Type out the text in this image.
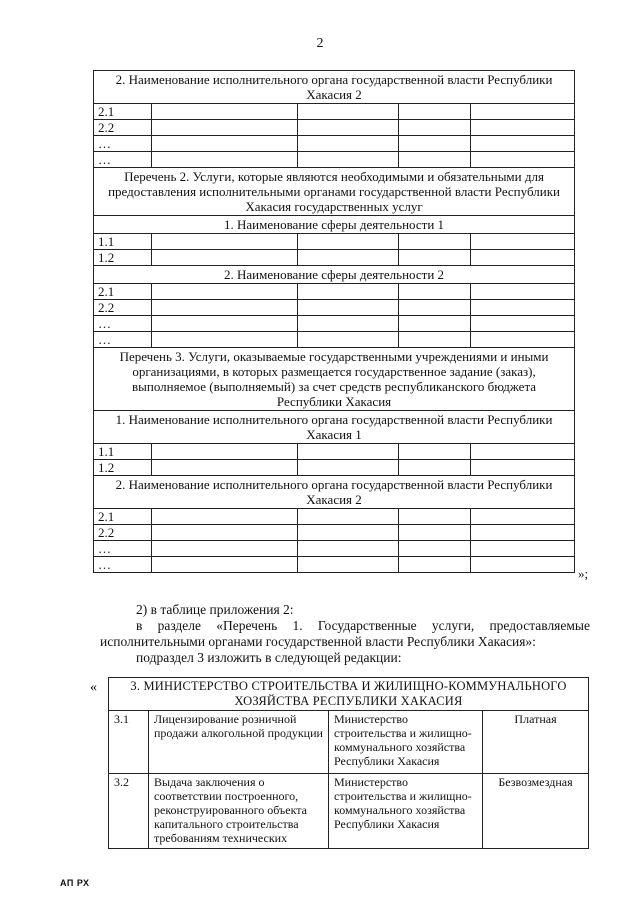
2
2. Наименование исполнительного органа государственной власти Республики Хакасия 2				
2.1				
2.2				
…				
…				
Перечень 2. Услуги, которые являются необходимыми и обязательными для предоставления исполнительными органами государственной власти Республики Хакасия государственных услуг				
1. Наименование сферы деятельности 1				
1.1				
1.2				
2. Наименование сферы деятельности 2				
2.1				
2.2				
…				
…				
Перечень 3. Услуги, оказываемые государственными учреждениями и иными организациями, в которых размещается государственное задание (заказ), выполняемое (выполняемый) за счет средств республиканского бюджета Республики Хакасия				
1. Наименование исполнительного органа государственной власти Республики Хакасия 1				
1.1				
1.2				
2. Наименование исполнительного органа государственной власти Республики Хакасия 2				
2.1				
2.2				
…				
…				
»;
2) в таблице приложения 2:
в разделе «Перечень 1. Государственные услуги, предоставляемые
исполнительными органами государственной власти Республики Хакасия»:
подраздел 3 изложить в следующей редакции:
«	3. МИНИСТЕРСТВО СТРОИТЕЛЬСТВА И ЖИЛИЩНО-КОММУНАЛЬНОГО ХОЗЯЙСТВА РЕСПУБЛИКИ ХАКАСИЯ			
3.1	Лицензирование розничной продажи алкогольной продукции	Министерство строительства и жилищно-коммунального хозяйства Республики Хакасия	Платная
3.2	Выдача заключения о соответствии построенного, реконструированного объекта капитального строительства требованиям технических	Министерство строительства и жилищно-коммунального хозяйства Республики Хакасия	Безвозмездная
АП РХ
